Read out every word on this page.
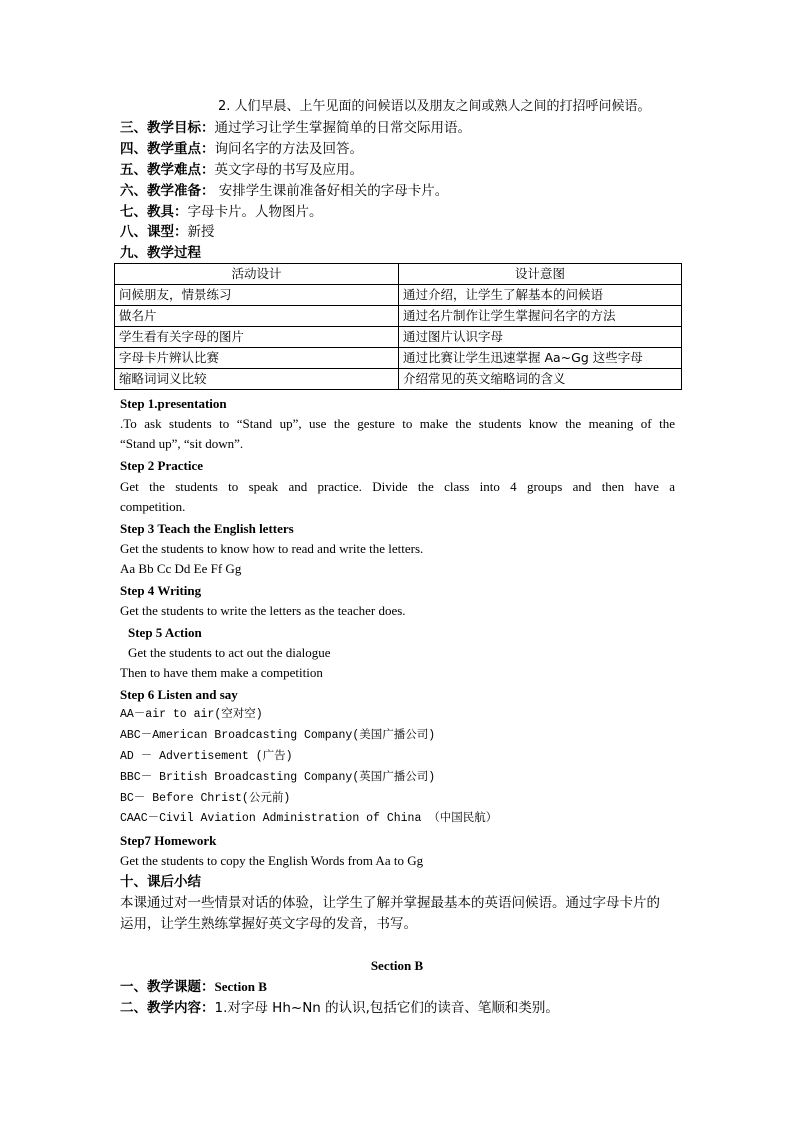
2. 人们早晨、上午见面的问候语以及朋友之间或熟人之间的打招呼问候语。
三、教学目标：通过学习让学生掌握简单的日常交际用语。
四、教学重点：询问名字的方法及回答。
五、教学难点：英文字母的书写及应用。
六、教学准备： 安排学生课前准备好相关的字母卡片。
七、教具：字母卡片。人物图片。
八、课型：新授
九、教学过程
活动设计	设计意图
问候朋友，情景练习	通过介绍，让学生了解基本的问候语
做名片	通过名片制作让学生掌握问名字的方法
学生看有关字母的图片	通过图片认识字母
字母卡片辨认比赛	通过比赛让学生迅速掌握 Aa~Gg 这些字母
缩略词词义比较	介绍常见的英文缩略词的含义
Step 1.presentation
.To ask students to “Stand up”, use the gesture to make the students know the meaning of the
“Stand up”, “sit down”.
Step 2 Practice
Get the students to speak and practice. Divide the class into 4 groups and then have a
competition.
Step 3 Teach the English letters
Get the students to know how to read and write the letters.
Aa Bb Cc Dd Ee Ff Gg
Step 4 Writing
Get the students to write the letters as the teacher does.
Step 5 Action
Get the students to act out the dialogue
Then to have them make a competition
Step 6 Listen and say
AA－air to air(空对空)
ABC－American Broadcasting Company(美国广播公司)
AD － Advertisement (广告)
BBC－ British Broadcasting Company(英国广播公司)
BC－ Before Christ(公元前)
CAAC－Civil Aviation Administration of China （中国民航）
Step7 Homework
Get the students to copy the English Words from Aa to Gg
十、课后小结
本课通过对一些情景对话的体验，让学生了解并掌握最基本的英语问候语。通过字母卡片的
运用，让学生熟练掌握好英文字母的发音，书写。
Section B
一、教学课题：Section B
二、教学内容：1.对字母 Hh~Nn 的认识,包括它们的读音、笔顺和类别。
